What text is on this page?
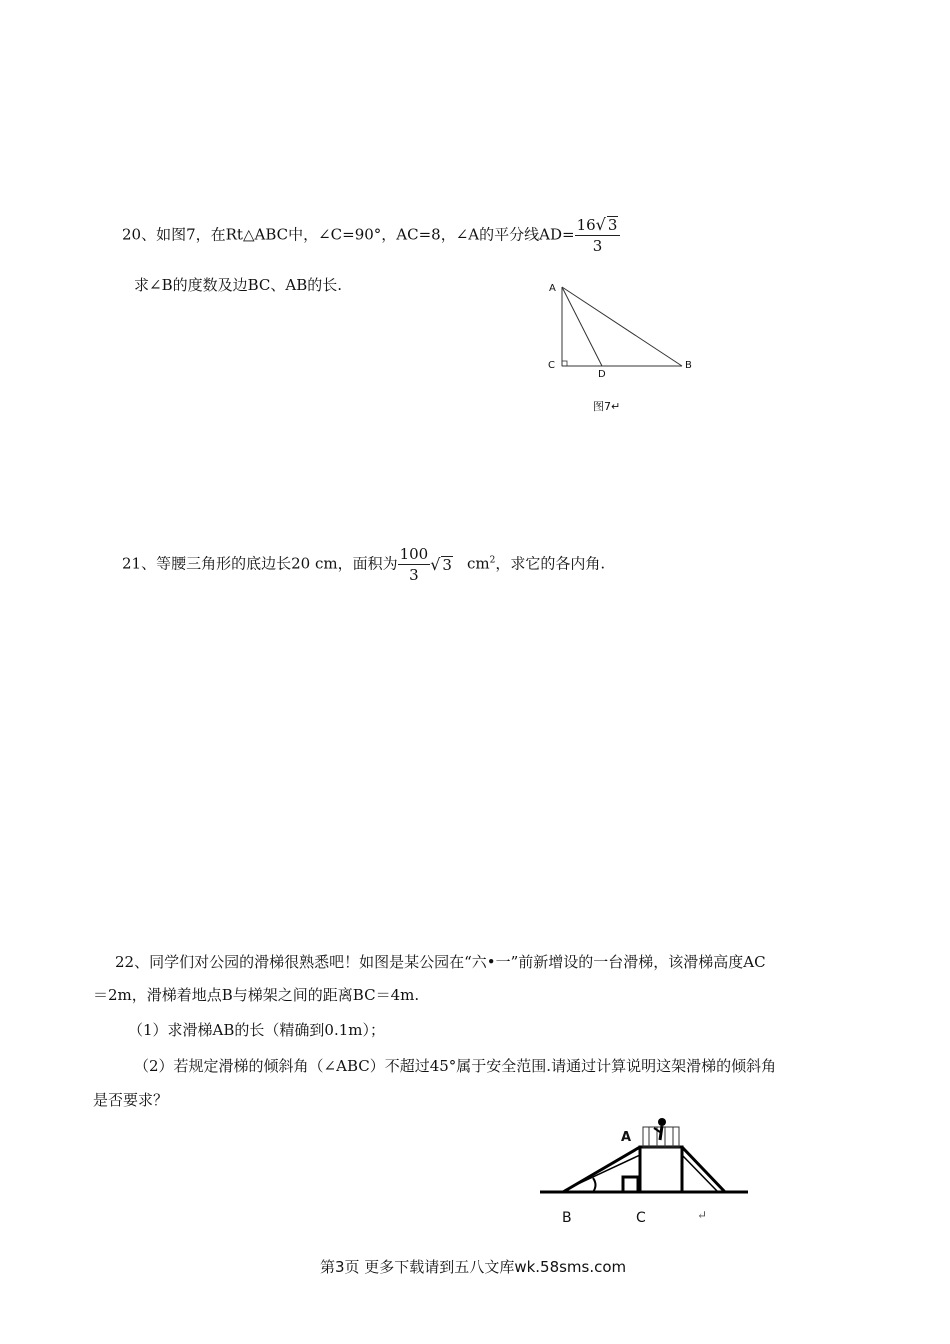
20、如图7，在Rt△ABC中，∠C=90°，AC=8，∠A的平分线$AD= \frac{16 √ 3}{3}$
求∠B的度数及边BC、AB的长.	A
C
D
B
图7↵
21、等腰三角形的底边长20 cm，面积为 $\frac{100}{3}$ √ 3 $cm^2$，求它的各内角.
22、同学们对公园的滑梯很熟悉吧！如图是某公园在“六•一”前新增设的一台滑梯，该滑梯高度AC
＝2m，滑梯着地点B与梯架之间的距离BC＝4m.
（1）求滑梯AB的长（精确到0.1m）；
（2）若规定滑梯的倾斜角（∠ABC）不超过45°属于安全范围.请通过计算说明这架滑梯的倾斜角
是否要求？
A
B	C	↵
第3页 更多下载请到五八文库wk.58sms.com
